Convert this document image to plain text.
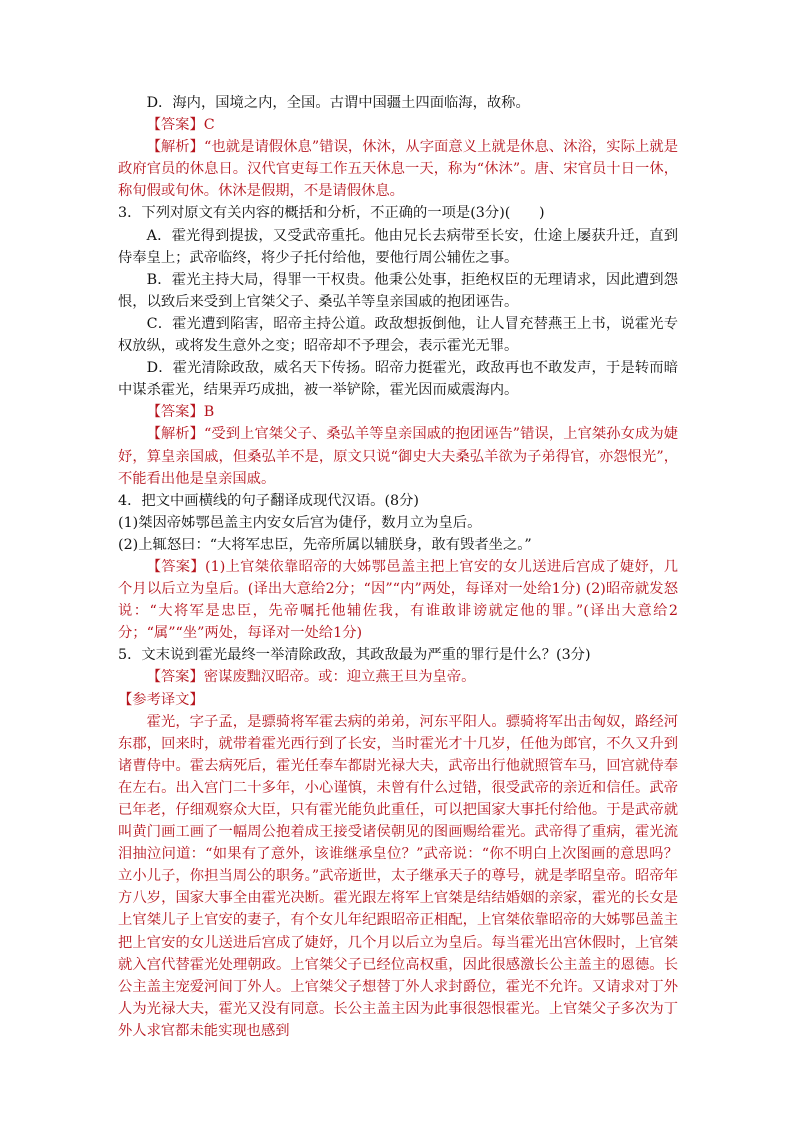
D．海内，国境之内，全国。古谓中国疆土四面临海，故称。

【答案】C

【解析】“也就是请假休息”错误，休沐，从字面意义上就是休息、沐浴，实际上就是政府官员的休息日。汉代官吏每工作五天休息一天，称为“休沐”。唐、宋官员十日一休，称旬假或旬休。休沐是假期，不是请假休息。

3．下列对原文有关内容的概括和分析，不正确的一项是(3分)(　　)

A．霍光得到提拔，又受武帝重托。他由兄长去病带至长安，仕途上屡获升迁，直到侍奉皇上；武帝临终，将少子托付给他，要他行周公辅佐之事。

B．霍光主持大局，得罪一干权贵。他秉公处事，拒绝权臣的无理请求，因此遭到怨恨，以致后来受到上官桀父子、桑弘羊等皇亲国戚的抱团诬告。

C．霍光遭到陷害，昭帝主持公道。政敌想扳倒他，让人冒充替燕王上书，说霍光专权放纵，或将发生意外之变；昭帝却不予理会，表示霍光无罪。

D．霍光清除政敌，威名天下传扬。昭帝力挺霍光，政敌再也不敢发声，于是转而暗中谋杀霍光，结果弄巧成拙，被一举铲除，霍光因而威震海内。

【答案】B

【解析】“受到上官桀父子、桑弘羊等皇亲国戚的抱团诬告”错误，上官桀孙女成为婕妤，算皇亲国戚，但桑弘羊不是，原文只说“御史大夫桑弘羊欲为子弟得官，亦怨恨光”，不能看出他是皇亲国戚。

4．把文中画横线的句子翻译成现代汉语。(8分)

(1)桀因帝姊鄂邑盖主内安女后宫为倢伃，数月立为皇后。

(2)上辄怒曰：“大将军忠臣，先帝所属以辅朕身，敢有毁者坐之。”

【答案】(1)上官桀依靠昭帝的大姊鄂邑盖主把上官安的女儿送进后宫成了婕妤，几个月以后立为皇后。(译出大意给2分；“因”“内”两处，每译对一处给1分) (2)昭帝就发怒说：“大将军是忠臣，先帝嘱托他辅佐我，有谁敢诽谤就定他的罪。”(译出大意给2分；“属”“坐”两处，每译对一处给1分)

5．文末说到霍光最终一举清除政敌，其政敌最为严重的罪行是什么？(3分)

【答案】密谋废黜汉昭帝。或：迎立燕王旦为皇帝。

【参考译文】

霍光，字子孟，是骠骑将军霍去病的弟弟，河东平阳人。骠骑将军出击匈奴，路经河东郡，回来时，就带着霍光西行到了长安，当时霍光才十几岁，任他为郎官，不久又升到诸曹侍中。霍去病死后，霍光任奉车都尉光禄大夫，武帝出行他就照管车马，回宫就侍奉在左右。出入宫门二十多年，小心谨慎，未曾有什么过错，很受武帝的亲近和信任。武帝已年老，仔细观察众大臣，只有霍光能负此重任，可以把国家大事托付给他。于是武帝就叫黄门画工画了一幅周公抱着成王接受诸侯朝见的图画赐给霍光。武帝得了重病，霍光流泪抽泣问道：“如果有了意外，该谁继承皇位？”武帝说：“你不明白上次图画的意思吗？立小儿子，你担当周公的职务。”武帝逝世，太子继承天子的尊号，就是孝昭皇帝。昭帝年方八岁，国家大事全由霍光决断。霍光跟左将军上官桀是结结婚姻的亲家，霍光的长女是上官桀儿子上官安的妻子，有个女儿年纪跟昭帝正相配，上官桀依靠昭帝的大姊鄂邑盖主把上官安的女儿送进后宫成了婕妤，几个月以后立为皇后。每当霍光出宫休假时，上官桀就入宫代替霍光处理朝政。上官桀父子已经位高权重，因此很感激长公主盖主的恩德。长公主盖主宠爱河间丁外人。上官桀父子想替丁外人求封爵位，霍光不允许。又请求对丁外人为光禄大夫，霍光又没有同意。长公主盖主因为此事很怨恨霍光。上官桀父子多次为丁外人求官都未能实现也感到
